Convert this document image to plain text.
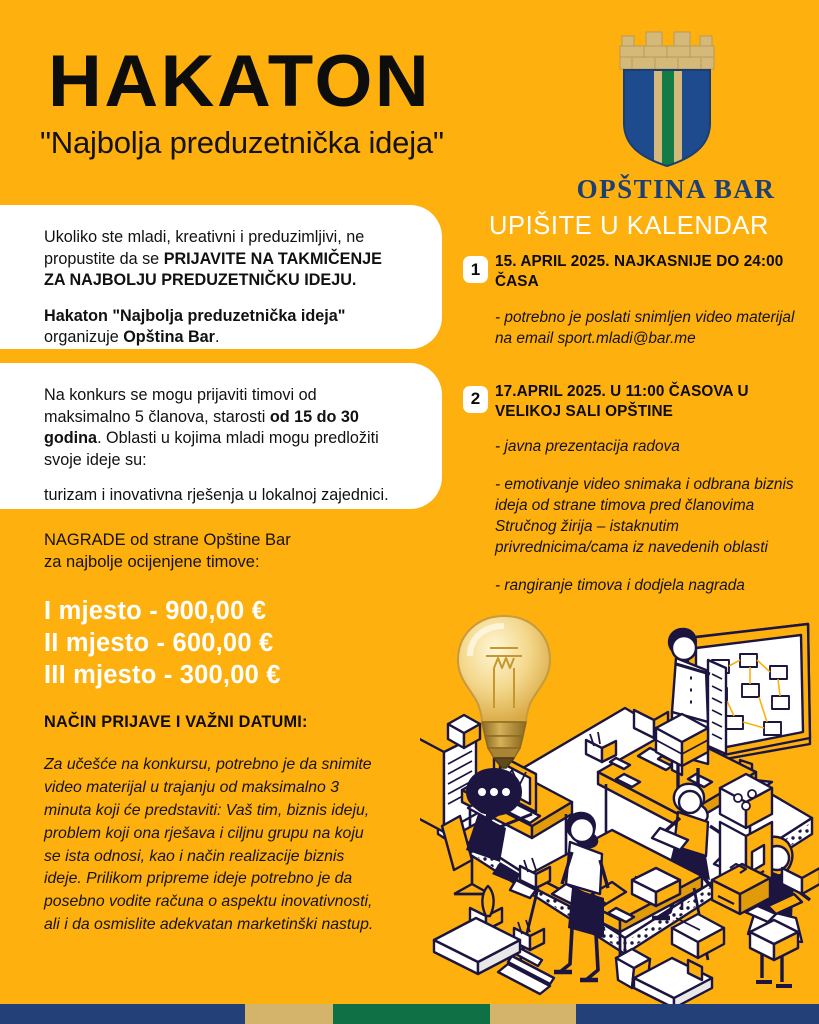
HAKATON
"Najbolja preduzetnička ideja"
OPŠTINA BAR

Ukoliko ste mladi, kreativni i preduzimljivi, ne propustite da se PRIJAVITE NA TAKMIČENJE ZA NAJBOLJU PREDUZETNIČKU IDEJU.

Hakaton "Najbolja preduzetnička ideja" organizuje Opština Bar.

Na konkurs se mogu prijaviti timovi od maksimalno 5 članova, starosti od 15 do 30 godina. Oblasti u kojima mladi mogu predložiti svoje ideje su:

turizam i inovativna rješenja u lokalnoj zajednici.

NAGRADE od strane Opštine Bar
za najbolje ocijenjene timove:
I mjesto - 900,00 €
II mjesto - 600,00 €
III mjesto - 300,00 €
NAČIN PRIJAVE I VAŽNI DATUMI:
Za učešće na konkursu, potrebno je da snimite video materijal u trajanju od maksimalno 3 minuta koji će predstaviti: Vaš tim, biznis ideju, problem koji ona rješava i ciljnu grupu na koju se ista odnosi, kao i način realizacije biznis ideje. Prilikom pripreme ideje potrebno je da posebno vodite računa o aspektu inovativnosti, ali i da osmislite adekvatan marketinški nastup.
UPIŠITE U KALENDAR
1 15. APRIL 2025. NAJKASNIJE DO 24:00 ČASA
- potrebno je poslati snimljen video materijal na email sport.mladi@bar.me
2 17.APRIL 2025. U 11:00 ČASOVA U VELIKOJ SALI OPŠTINE
- javna prezentacija radova
- emotivanje video snimaka i odbrana biznis ideja od strane timova pred članovima Stručnog žirija – istaknutim privrednicima/cama iz navedenih oblasti
- rangiranje timova i dodjela nagrada
